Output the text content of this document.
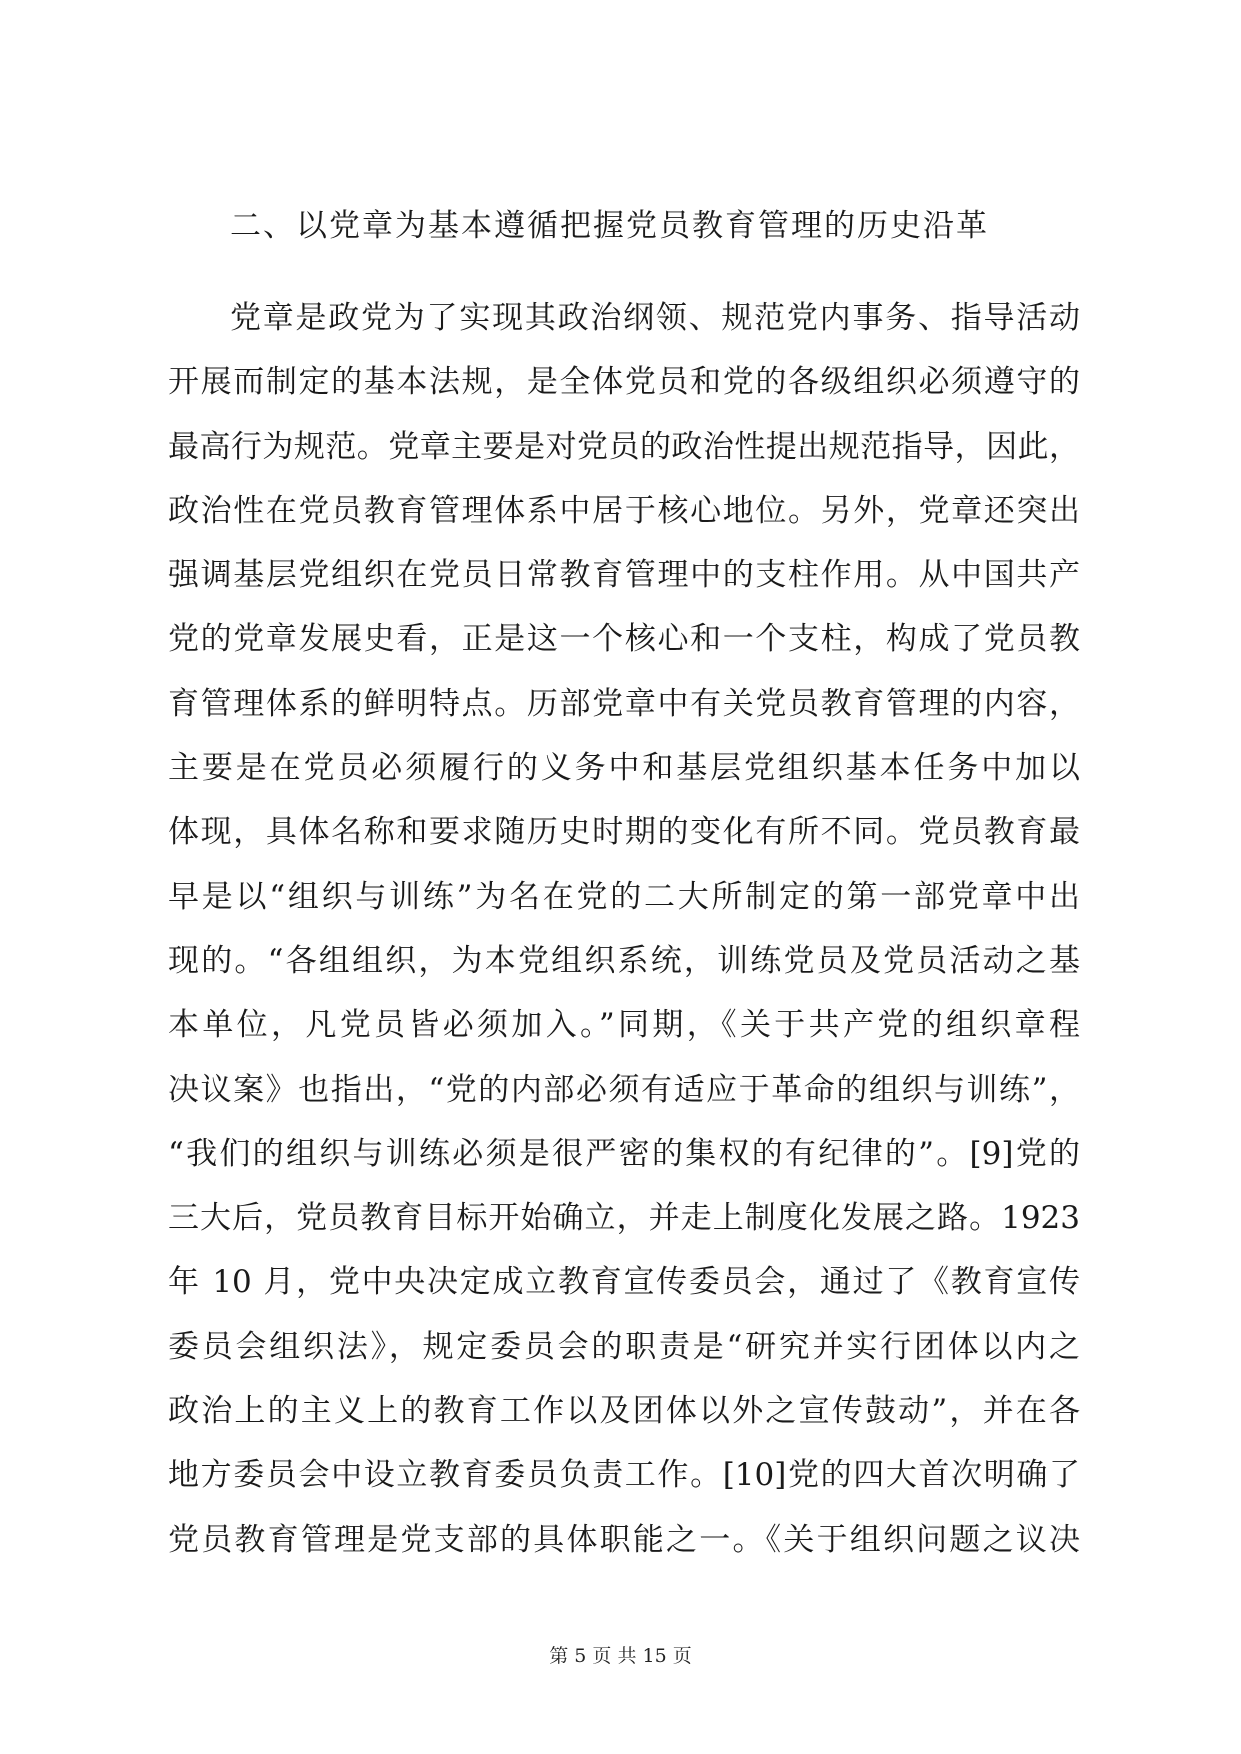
二、以党章为基本遵循把握党员教育管理的历史沿革
党章是政党为了实现其政治纲领、规范党内事务、指导活动
开展而制定的基本法规，是全体党员和党的各级组织必须遵守的
最高行为规范。党章主要是对党员的政治性提出规范指导，因此，
政治性在党员教育管理体系中居于核心地位。另外，党章还突出
强调基层党组织在党员日常教育管理中的支柱作用。从中国共产
党的党章发展史看，正是这一个核心和一个支柱，构成了党员教
育管理体系的鲜明特点。历部党章中有关党员教育管理的内容，
主要是在党员必须履行的义务中和基层党组织基本任务中加以
体现，具体名称和要求随历史时期的变化有所不同。党员教育最
早是以“组织与训练”为名在党的二大所制定的第一部党章中出
现的。“各组组织，为本党组织系统，训练党员及党员活动之基
本单位，凡党员皆必须加入。”同期，《关于共产党的组织章程
决议案》也指出，“党的内部必须有适应于革命的组织与训练”，
“我们的组织与训练必须是很严密的集权的有纪律的”。[9]党的
三大后，党员教育目标开始确立，并走上制度化发展之路。1923
年 10 月，党中央决定成立教育宣传委员会，通过了《教育宣传
委员会组织法》，规定委员会的职责是“研究并实行团体以内之
政治上的主义上的教育工作以及团体以外之宣传鼓动”，并在各
地方委员会中设立教育委员负责工作。[10]党的四大首次明确了
党员教育管理是党支部的具体职能之一。《关于组织问题之议决
第 5 页 共 15 页
